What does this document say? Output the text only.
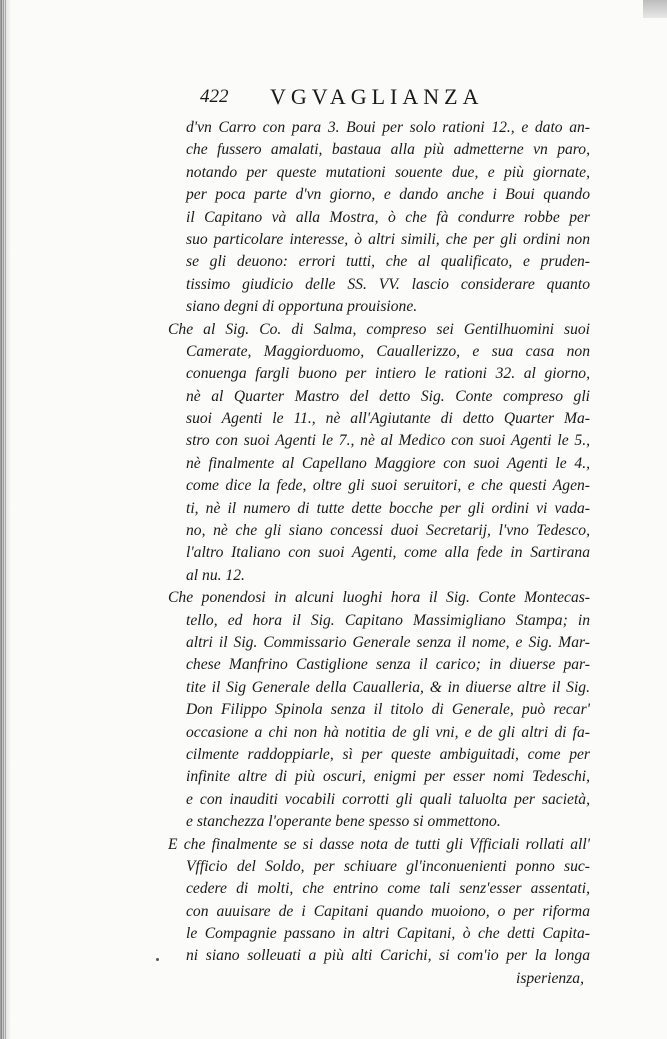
422 VGVAGLIANZA
d'vn Carro con para 3. Boui per solo rationi 12., e dato an-
che fussero amalati, bastaua alla più admetterne vn paro,
notando per queste mutationi souente due, e più giornate,
per poca parte d'vn giorno, e dando anche i Boui quando
il Capitano và alla Mostra, ò che fà condurre robbe per
suo particolare interesse, ò altri simili, che per gli ordini non
se gli deuono: errori tutti, che al qualificato, e pruden-
tissimo giudicio delle SS. VV. lascio considerare quanto
siano degni di opportuna prouisione.
Che al Sig. Co. di Salma, compreso sei Gentilhuomini suoi
Camerate, Maggiorduomo, Cauallerizzo, e sua casa non
conuenga fargli buono per intiero le rationi 32. al giorno,
nè al Quarter Mastro del detto Sig. Conte compreso gli
suoi Agenti le 11., nè all'Agiutante di detto Quarter Ma-
stro con suoi Agenti le 7., nè al Medico con suoi Agenti le 5.,
nè finalmente al Capellano Maggiore con suoi Agenti le 4.,
come dice la fede, oltre gli suoi seruitori, e che questi Agen-
ti, nè il numero di tutte dette bocche per gli ordini vi vada-
no, nè che gli siano concessi duoi Secretarij, l'vno Tedesco,
l'altro Italiano con suoi Agenti, come alla fede in Sartirana
al nu. 12.
Che ponendosi in alcuni luoghi hora il Sig. Conte Montecas-
tello, ed hora il Sig. Capitano Massimigliano Stampa; in
altri il Sig. Commissario Generale senza il nome, e Sig. Mar-
chese Manfrino Castiglione senza il carico; in diuerse par-
tite il Sig Generale della Caualleria, & in diuerse altre il Sig.
Don Filippo Spinola senza il titolo di Generale, può recar'
occasione a chi non hà notitia de gli vni, e de gli altri di fa-
cilmente raddoppiarle, sì per queste ambiguitadi, come per
infinite altre di più oscuri, enigmi per esser nomi Tedeschi,
e con inauditi vocabili corrotti gli quali taluolta per sacietà,
e stanchezza l'operante bene spesso si ommettono.
E che finalmente se si dasse nota de tutti gli Vfficiali rollati all'
Vfficio del Soldo, per schiuare gl'inconuenienti ponno suc-
cedere di molti, che entrino come tali senz'esser assentati,
con auuisare de i Capitani quando muoiono, o per riforma
le Compagnie passano in altri Capitani, ò che detti Capita-
ni siano solleuati a più alti Carichi, si com'io per la longa
isperienza,
